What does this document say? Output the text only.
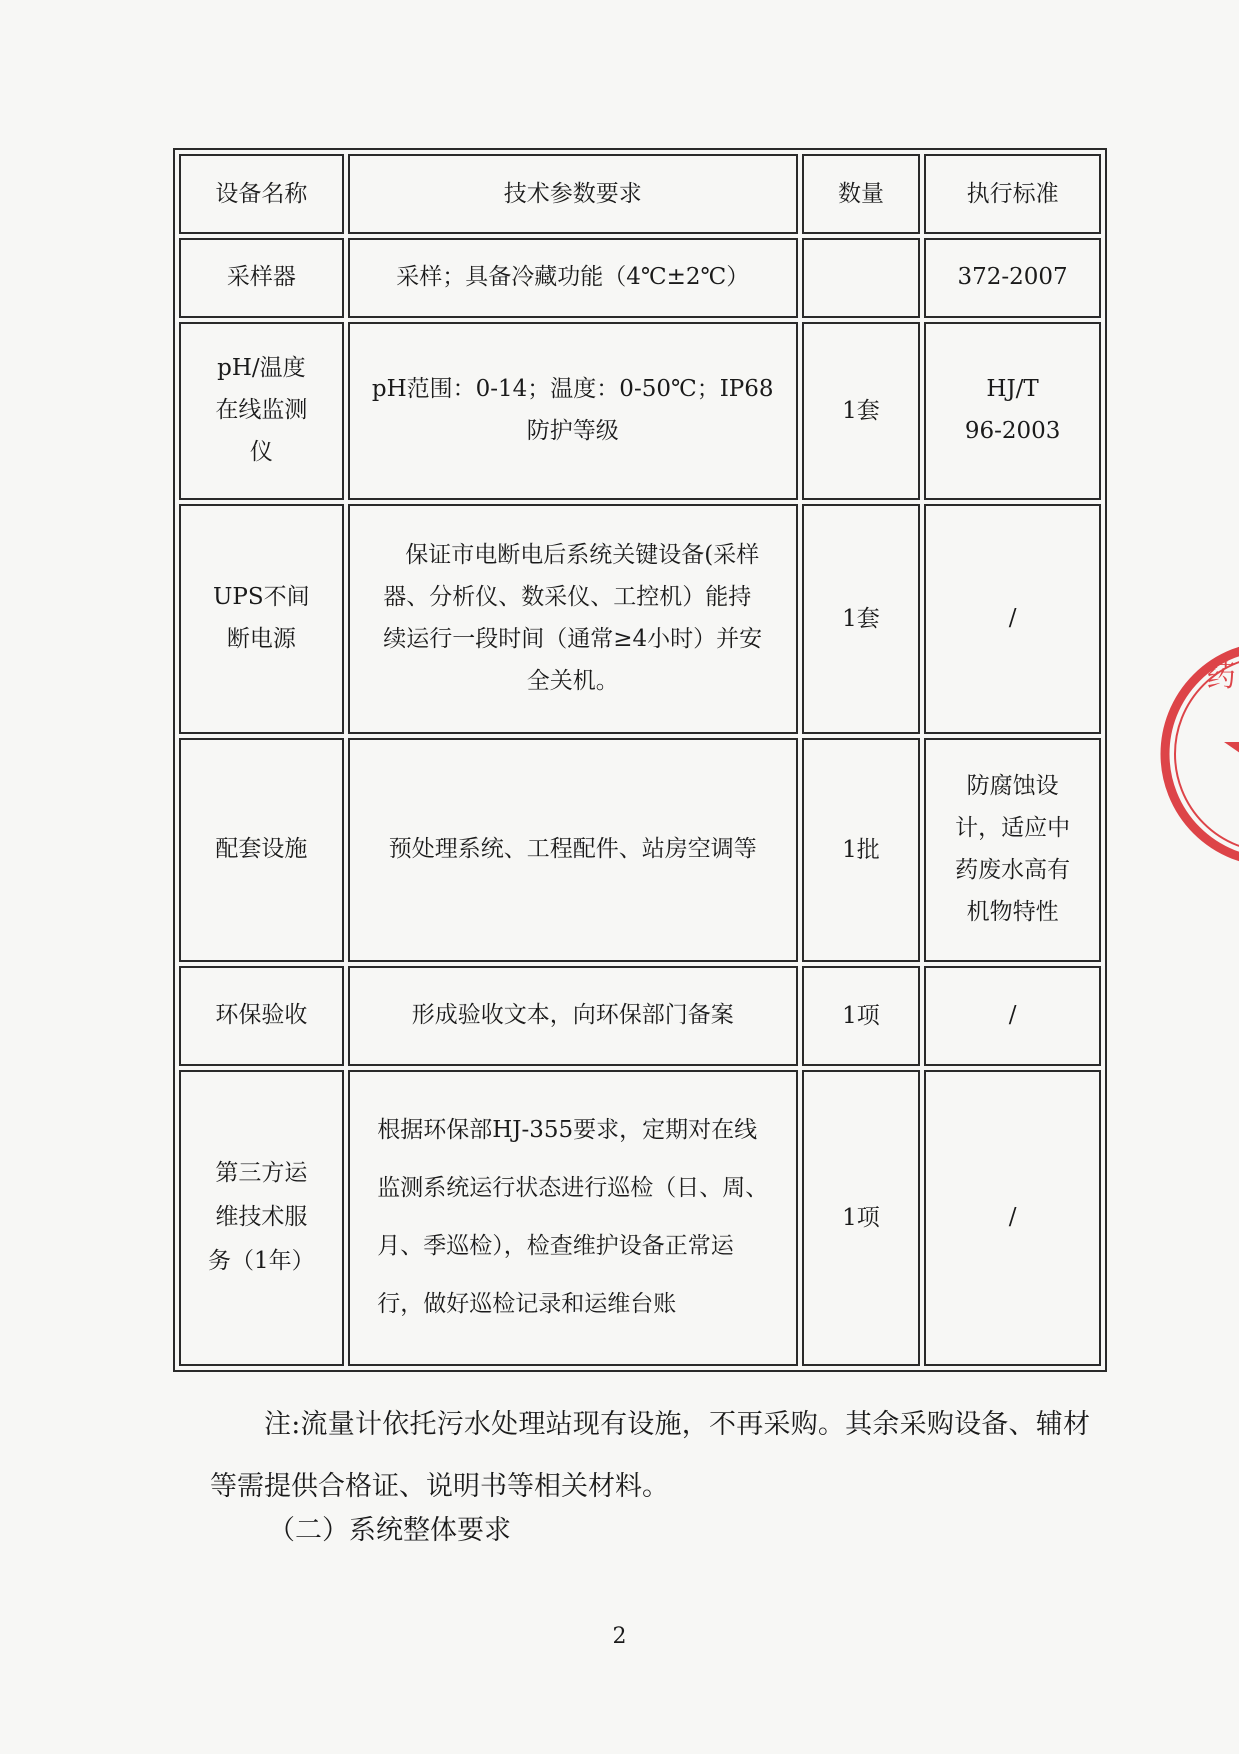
设备名称	技术参数要求	数量	执行标准

采样器	采样；具备冷藏功能（4℃±2℃）		372-2007

pH/温度
在线监测
仪	pH范围：0-14；温度：0-50℃；IP68
防护等级	1套	HJ/T
96-2003

UPS不间
断电源	保证市电断电后系统关键设备(采样
器、分析仪、数采仪、工控机）能持
续运行一段时间（通常≥4小时）并安
全关机。	1套	/

配套设施	预处理系统、工程配件、站房空调等	1批	防腐蚀设
计，适应中
药废水高有
机物特性

环保验收	形成验收文本，向环保部门备案	1项	/

第三方运
维技术服
务（1年）	根据环保部HJ-355要求，定期对在线
监测系统运行状态进行巡检（日、周、
月、季巡检），检查维护设备正常运
行，做好巡检记录和运维台账	1项	/

注:流量计依托污水处理站现有设施，不再采购。其余采购设备、辅材等需提供合格证、说明书等相关材料。

（二）系统整体要求

2

药
